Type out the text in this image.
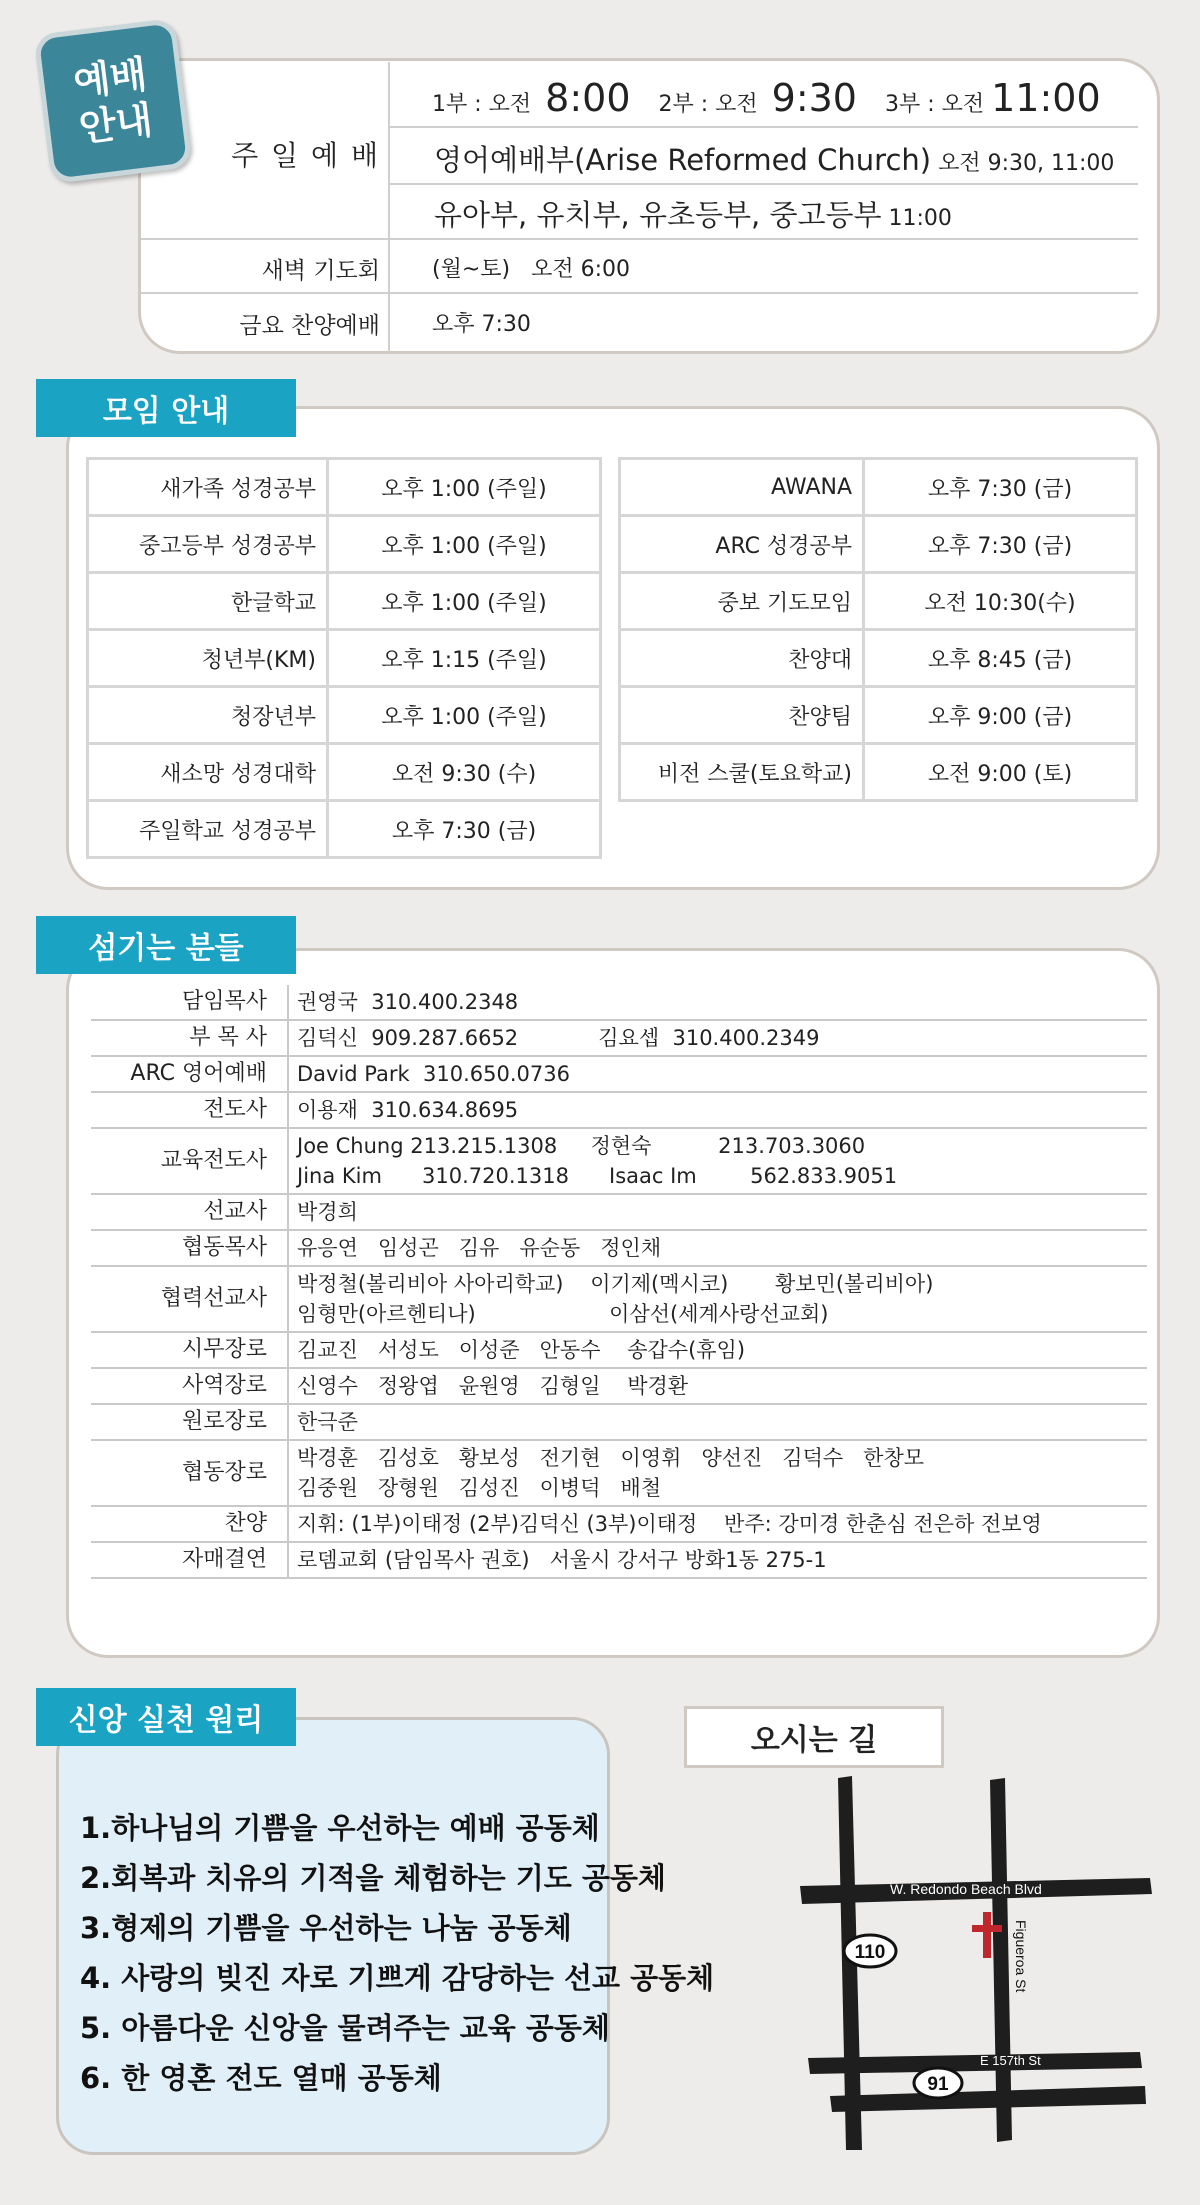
예배
안내
주 일 예 배
1부 : 오전 8:00 2부 : 오전 9:30 3부 : 오전 11:00
영어예배부(Arise Reformed Church) 오전 9:30, 11:00
유아부, 유치부, 유초등부, 중고등부 11:00
새벽 기도회 (월~토) 오전 6:00
금요 찬양예배 오후 7:30
모임 안내
새가족 성경공부	오후 1:00 (주일)
중고등부 성경공부	오후 1:00 (주일)
한글학교	오후 1:00 (주일)
청년부(KM)	오후 1:15 (주일)
청장년부	오후 1:00 (주일)
새소망 성경대학	오전 9:30 (수)
주일학교 성경공부	오후 7:30 (금)
AWANA	오후 7:30 (금)
ARC 성경공부	오후 7:30 (금)
중보 기도모임	오전 10:30(수)
찬양대	오후 8:45 (금)
찬양팀	오후 9:00 (금)
비전 스쿨(토요학교)	오전 9:00 (토)
섬기는 분들
담임목사	권영국  310.400.2348

부 목 사	김덕신  909.287.6652            김요셉  310.400.2349

ARC 영어예배	David Park  310.650.0736

전도사	이용재  310.634.8695

교육전도사	Joe Chung 213.215.1308     정현숙          213.703.3060
Jina Kim      310.720.1318      Isaac Im        562.833.9051

선교사	박경희

협동목사	유응연   임성곤   김유   유순동   정인채

협력선교사	박정철(볼리비아 사아리학교)    이기제(멕시코)       황보민(볼리비아)
임형만(아르헨티나)                    이삼선(세계사랑선교회)

시무장로	김교진   서성도   이성준   안동수    송갑수(휴임)

사역장로	신영수   정왕엽   윤원영   김형일    박경환

원로장로	한극준

협동장로	박경훈   김성호   황보성   전기현   이영휘   양선진   김덕수   한창모
김중원   장형원   김성진   이병덕   배철

찬양	지휘: (1부)이태정 (2부)김덕신 (3부)이태정    반주: 강미경 한춘심 전은하 전보영

자매결연	로뎀교회 (담임목사 권호)   서울시 강서구 방화1동 275-1
신앙 실천 원리
1.하나님의 기쁨을 우선하는 예배 공동체
2.회복과 치유의 기적을 체험하는 기도 공동체
3.형제의 기쁨을 우선하는 나눔 공동체
4. 사랑의 빚진 자로 기쁘게 감당하는 선교 공동체
5. 아름다운 신앙을 물려주는 교육 공동체
6. 한 영혼 전도 열매 공동체
오시는 길
W. Redondo Beach Blvd
Figueroa St
E 157th St
110
91
